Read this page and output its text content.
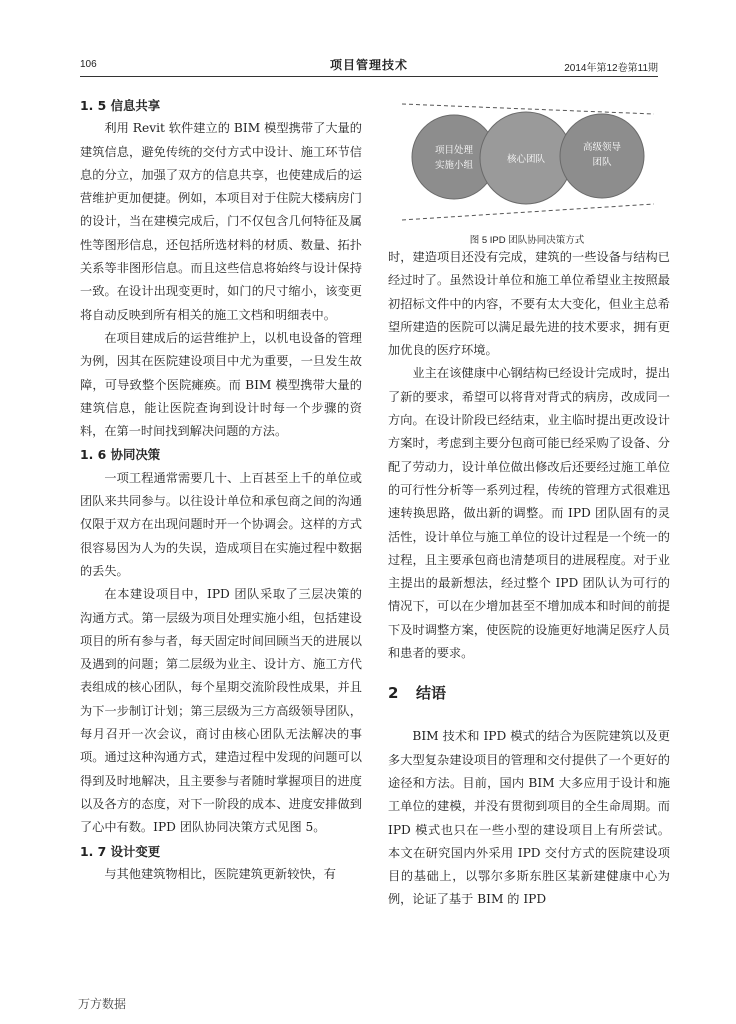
106	项目管理技术	2014年第12卷第11期
1. 5 信息共享

利用 Revit 软件建立的 BIM 模型携带了大量的建筑信息，避免传统的交付方式中设计、施工环节信息的分立，加强了双方的信息共享，也使建成后的运营维护更加便捷。例如，本项目对于住院大楼病房门的设计，当在建模完成后，门不仅包含几何特征及属性等图形信息，还包括所选材料的材质、数量、拓扑关系等非图形信息。而且这些信息将始终与设计保持一致。在设计出现变更时，如门的尺寸缩小，该变更将自动反映到所有相关的施工文档和明细表中。

在项目建成后的运营维护上，以机电设备的管理为例，因其在医院建设项目中尤为重要，一旦发生故障，可导致整个医院瘫痪。而 BIM 模型携带大量的建筑信息，能让医院查询到设计时每一个步骤的资料，在第一时间找到解决问题的方法。

1. 6 协同决策

一项工程通常需要几十、上百甚至上千的单位或团队来共同参与。以往设计单位和承包商之间的沟通仅限于双方在出现问题时开一个协调会。这样的方式很容易因为人为的失误，造成项目在实施过程中数据的丢失。

在本建设项目中，IPD 团队采取了三层决策的沟通方式。第一层级为项目处理实施小组，包括建设项目的所有参与者，每天固定时间回顾当天的进展以及遇到的问题；第二层级为业主、设计方、施工方代表组成的核心团队，每个星期交流阶段性成果，并且为下一步制订计划；第三层级为三方高级领导团队，每月召开一次会议，商讨由核心团队无法解决的事项。通过这种沟通方式，建造过程中发现的问题可以得到及时地解决，且主要参与者随时掌握项目的进度以及各方的态度，对下一阶段的成本、进度安排做到了心中有数。IPD 团队协同决策方式见图 5。

1. 7 设计变更

与其他建筑物相比，医院建筑更新较快，有

项目处理
实施小组
核心团队
高级领导
团队
图 5 IPD 团队协同决策方式

时，建造项目还没有完成，建筑的一些设备与结构已经过时了。虽然设计单位和施工单位希望业主按照最初招标文件中的内容，不要有太大变化，但业主总希望所建造的医院可以满足最先进的技术要求，拥有更加优良的医疗环境。

业主在该健康中心钢结构已经设计完成时，提出了新的要求，希望可以将背对背式的病房，改成同一方向。在设计阶段已经结束，业主临时提出更改设计方案时，考虑到主要分包商可能已经采购了设备、分配了劳动力，设计单位做出修改后还要经过施工单位的可行性分析等一系列过程，传统的管理方式很难迅速转换思路，做出新的调整。而 IPD 团队固有的灵活性，设计单位与施工单位的设计过程是一个统一的过程，且主要承包商也清楚项目的进展程度。对于业主提出的最新想法，经过整个 IPD 团队认为可行的情况下，可以在少增加甚至不增加成本和时间的前提下及时调整方案，使医院的设施更好地满足医疗人员和患者的要求。

2 结语

BIM 技术和 IPD 模式的结合为医院建筑以及更多大型复杂建设项目的管理和交付提供了一个更好的途径和方法。目前，国内 BIM 大多应用于设计和施工单位的建模，并没有贯彻到项目的全生命周期。而 IPD 模式也只在一些小型的建设项目上有所尝试。本文在研究国内外采用 IPD 交付方式的医院建设项目的基础上，以鄂尔多斯东胜区某新建健康中心为例，论证了基于 BIM 的 IPD

万方数据
